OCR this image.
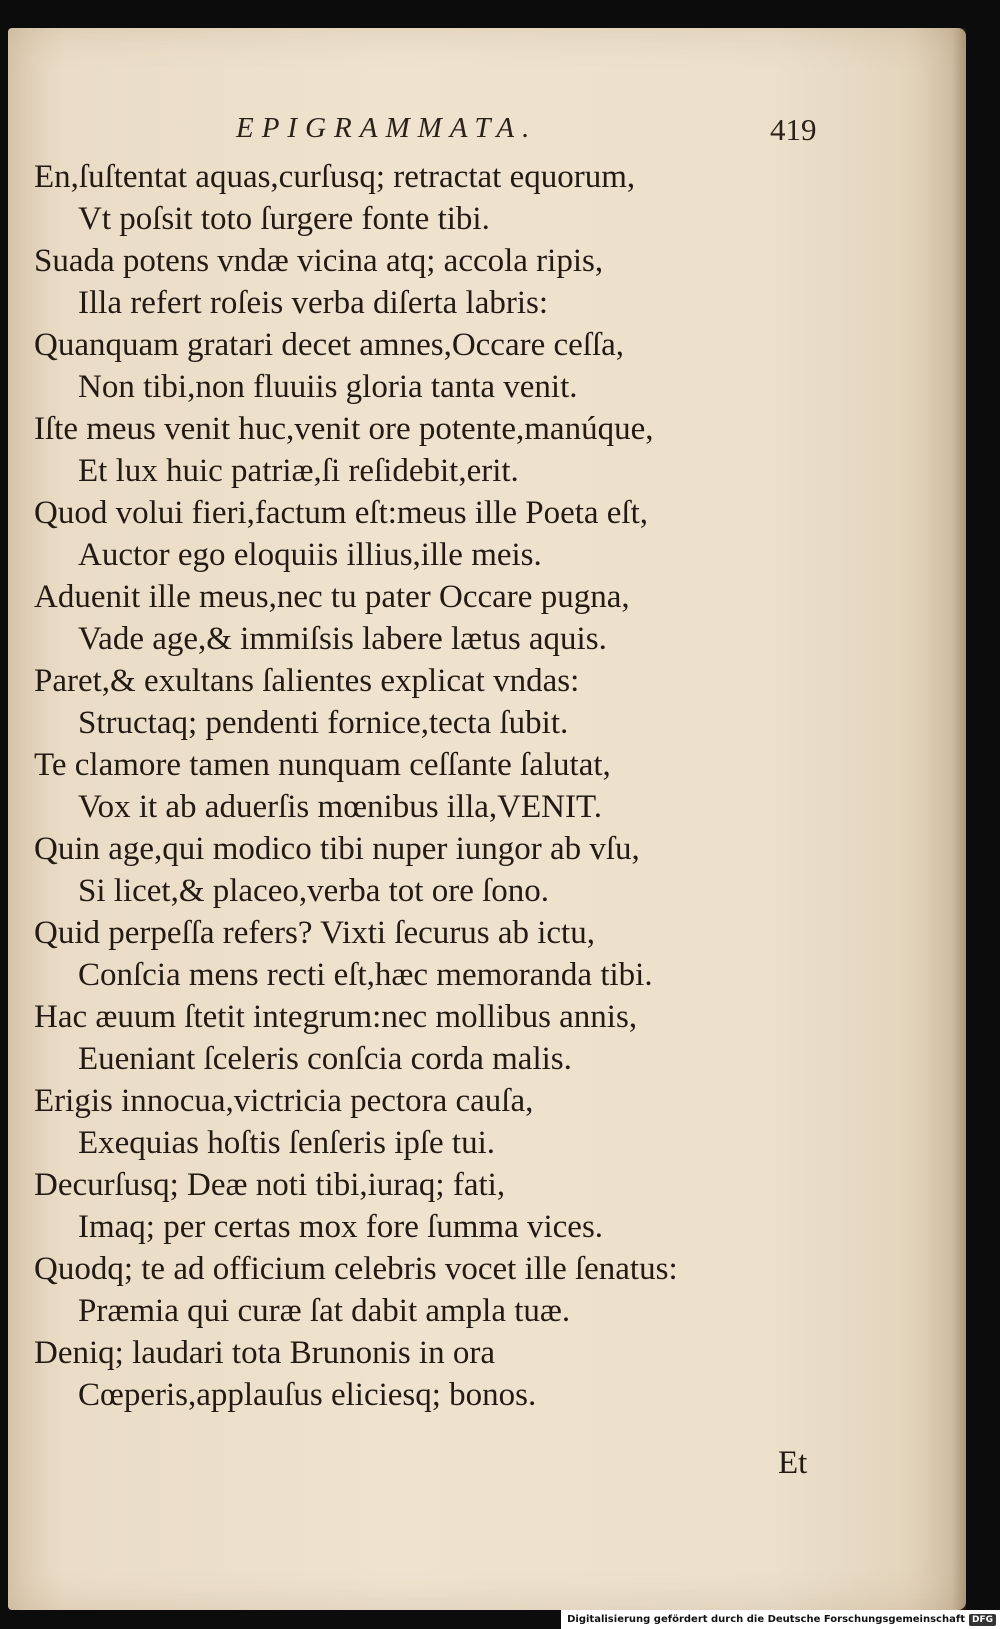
EPIGRAMMATA.	419
En,ſuſtentat aquas,curſusq; retractat equorum,
Vt poſsit toto ſurgere fonte tibi.
Suada potens vndæ vicina atq; accola ripis,
Illa refert roſeis verba diſerta labris:
Quanquam gratari decet amnes,Occare ceſſa,
Non tibi,non fluuiis gloria tanta venit.
Iſte meus venit huc,venit ore potente,manúque,
Et lux huic patriæ,ſi reſidebit,erit.
Quod volui fieri,factum eſt:meus ille Poeta eſt,
Auctor ego eloquiis illius,ille meis.
Aduenit ille meus,nec tu pater Occare pugna,
Vade age,& immiſsis labere lætus aquis.
Paret,& exultans ſalientes explicat vndas:
Structaq; pendenti fornice,tecta ſubit.
Te clamore tamen nunquam ceſſante ſalutat,
Vox it ab aduerſis mœnibus illa,VENIT.
Quin age,qui modico tibi nuper iungor ab vſu,
Si licet,& placeo,verba tot ore ſono.
Quid perpeſſa refers? Vixti ſecurus ab ictu,
Conſcia mens recti eſt,hæc memoranda tibi.
Hac æuum ſtetit integrum:nec mollibus annis,
Eueniant ſceleris conſcia corda malis.
Erigis innocua,victricia pectora cauſa,
Exequias hoſtis ſenſeris ipſe tui.
Decurſusq; Deæ noti tibi,iuraq; fati,
Imaq; per certas mox fore ſumma vices.
Quodq; te ad officium celebris vocet ille ſenatus:
Præmia qui curæ ſat dabit ampla tuæ.
Deniq; laudari tota Brunonis in ora
Cœperis,applauſus eliciesq; bonos.
Et
Digitalisierung gefördert durch die Deutsche Forschungsgemeinschaft DFG
